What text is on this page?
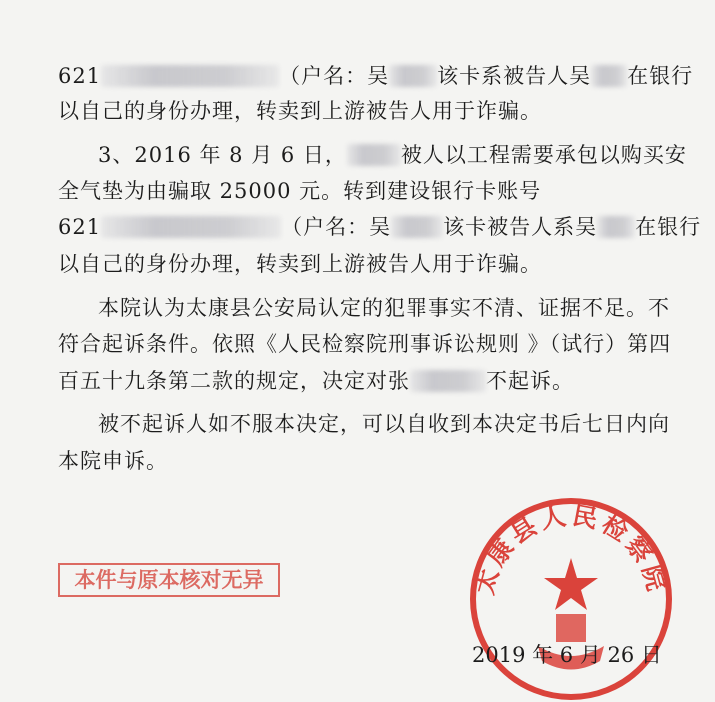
621	（户名：吴 该卡系被告人吴 在银行
以自己的身份办理，转卖到上游被告人用于诈骗。
3、2016 年 8 月 6 日，	被人以工程需要承包以购买安
全气垫为由骗取 25000 元。转到建设银行卡账号
621	（户名：吴 该卡被告人系吴 在银行
以自己的身份办理，转卖到上游被告人用于诈骗。
本院认为太康县公安局认定的犯罪事实不清、证据不足。不
符合起诉条件。依照《人民检察院刑事诉讼规则 》（试行）第四
百五十九条第二款的规定，决定对张	不起诉。
被不起诉人如不服本决定，可以自收到本决定书后七日内向
本院申诉。
本件与原本核对无异	太康县人民检察院
2019 年 6 月 26 日
